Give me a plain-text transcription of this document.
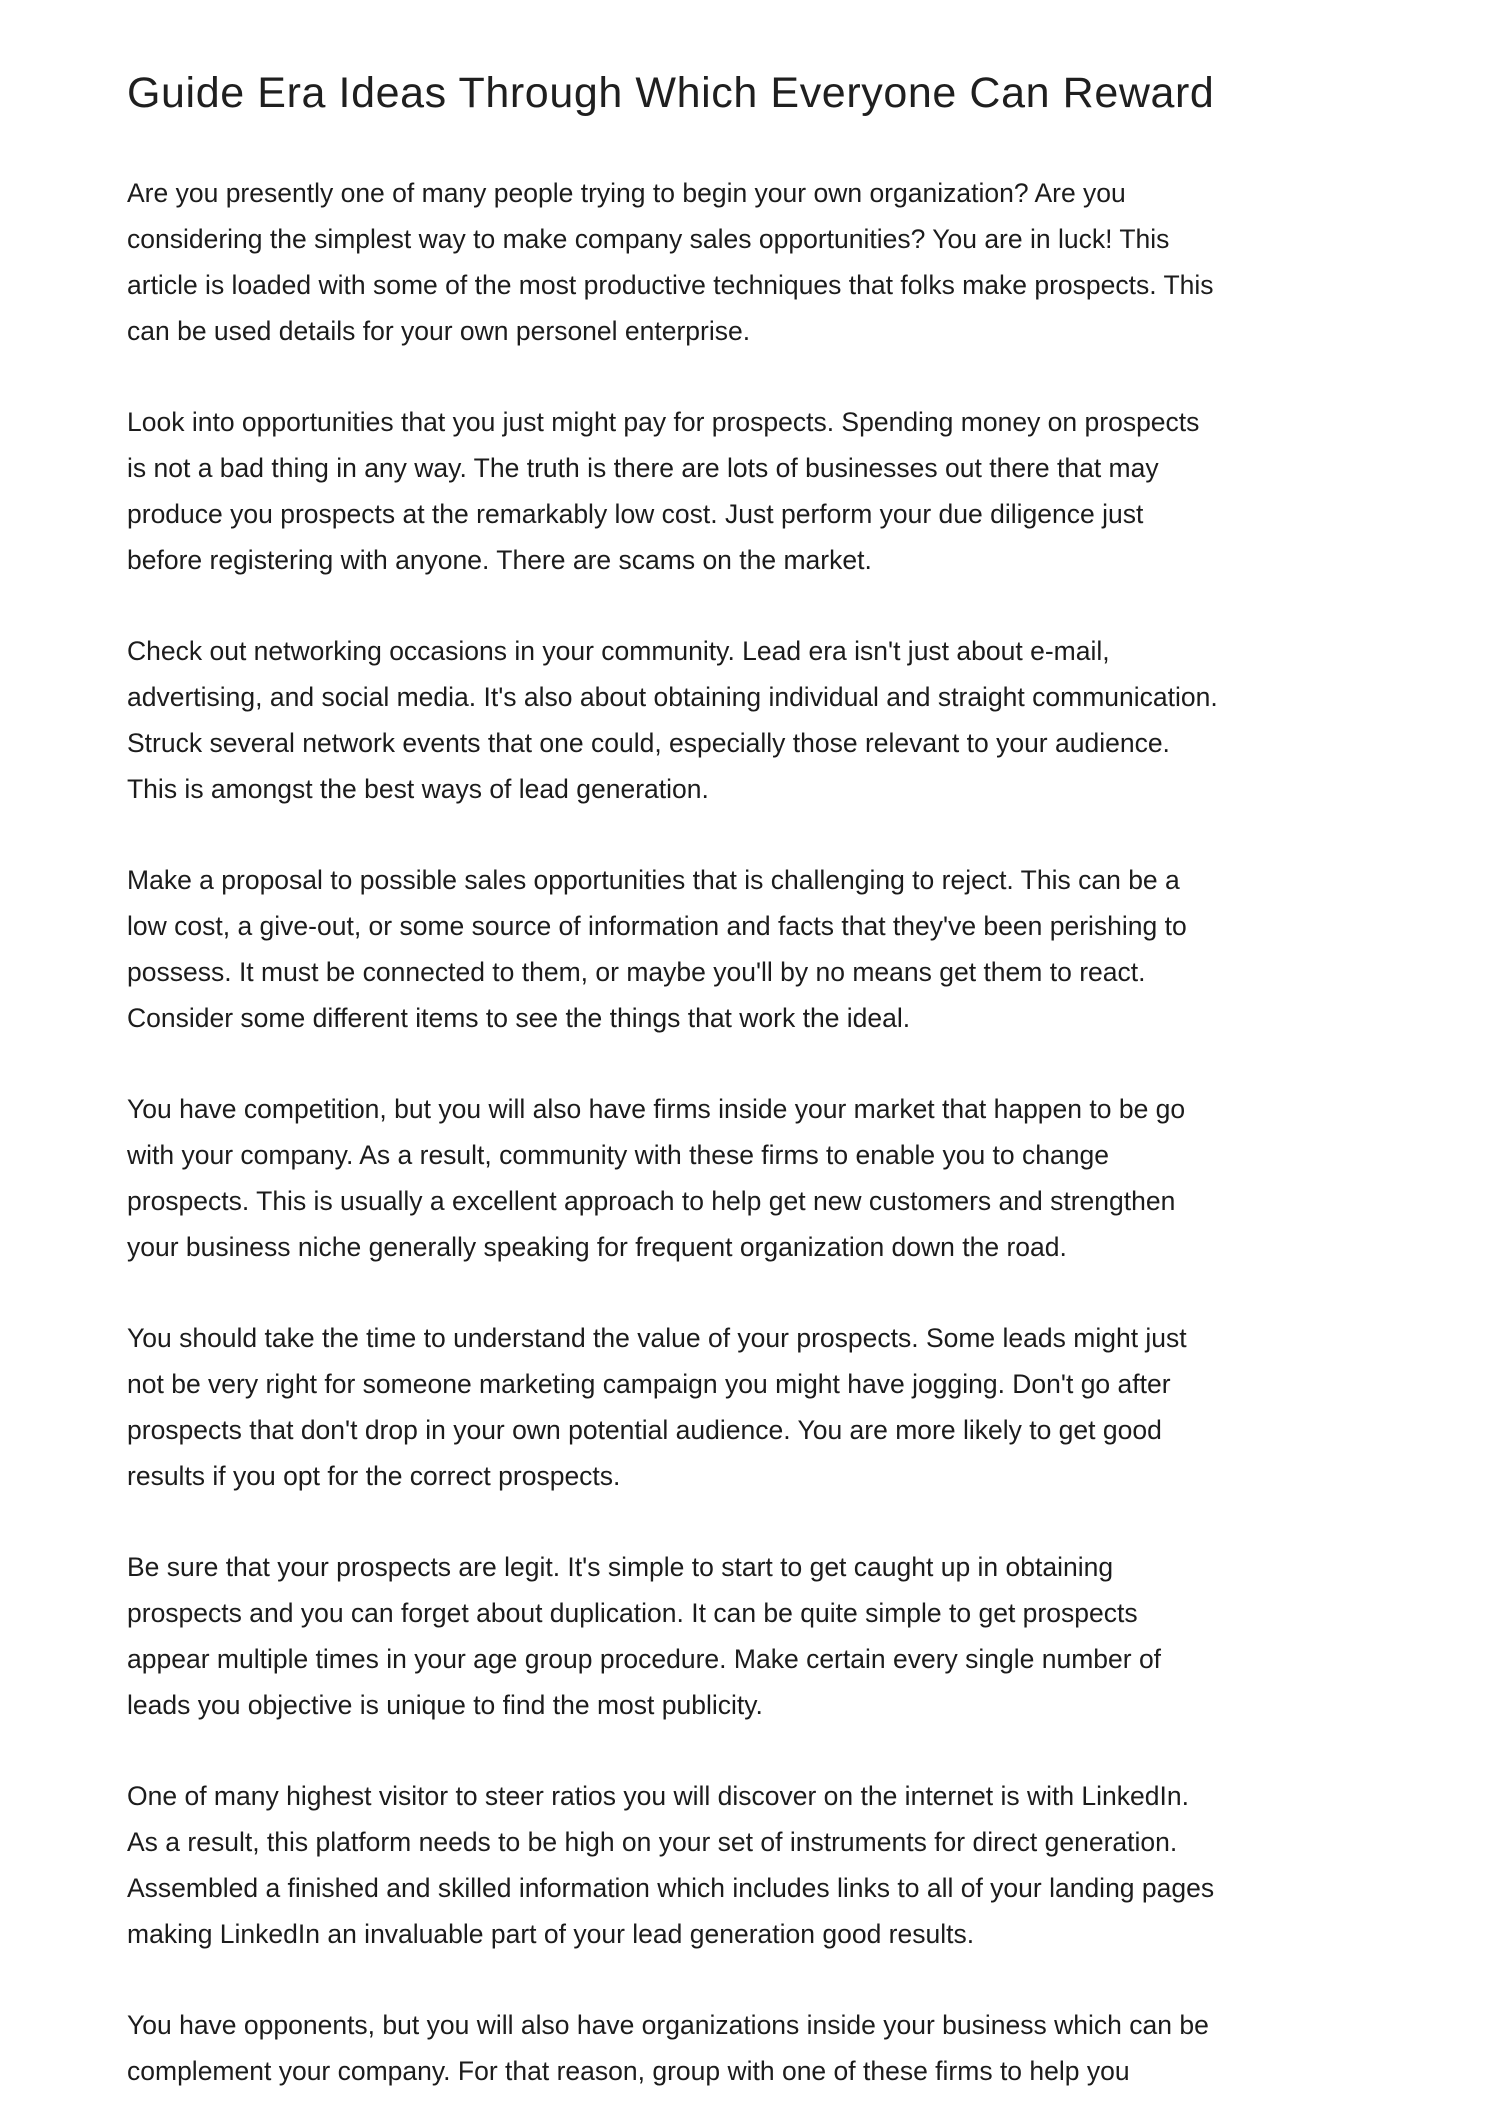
Guide Era Ideas Through Which Everyone Can Reward

Are you presently one of many people trying to begin your own organization? Are you
considering the simplest way to make company sales opportunities? You are in luck! This
article is loaded with some of the most productive techniques that folks make prospects. This
can be used details for your own personel enterprise.

Look into opportunities that you just might pay for prospects. Spending money on prospects
is not a bad thing in any way. The truth is there are lots of businesses out there that may
produce you prospects at the remarkably low cost. Just perform your due diligence just
before registering with anyone. There are scams on the market.

Check out networking occasions in your community. Lead era isn't just about e-mail,
advertising, and social media. It's also about obtaining individual and straight communication.
Struck several network events that one could, especially those relevant to your audience.
This is amongst the best ways of lead generation.

Make a proposal to possible sales opportunities that is challenging to reject. This can be a
low cost, a give-out, or some source of information and facts that they've been perishing to
possess. It must be connected to them, or maybe you'll by no means get them to react.
Consider some different items to see the things that work the ideal.

You have competition, but you will also have firms inside your market that happen to be go
with your company. As a result, community with these firms to enable you to change
prospects. This is usually a excellent approach to help get new customers and strengthen
your business niche generally speaking for frequent organization down the road.

You should take the time to understand the value of your prospects. Some leads might just
not be very right for someone marketing campaign you might have jogging. Don't go after
prospects that don't drop in your own potential audience. You are more likely to get good
results if you opt for the correct prospects.

Be sure that your prospects are legit. It's simple to start to get caught up in obtaining
prospects and you can forget about duplication. It can be quite simple to get prospects
appear multiple times in your age group procedure. Make certain every single number of
leads you objective is unique to find the most publicity.

One of many highest visitor to steer ratios you will discover on the internet is with LinkedIn.
As a result, this platform needs to be high on your set of instruments for direct generation.
Assembled a finished and skilled information which includes links to all of your landing pages
making LinkedIn an invaluable part of your lead generation good results.

You have opponents, but you will also have organizations inside your business which can be
complement your company. For that reason, group with one of these firms to help you
